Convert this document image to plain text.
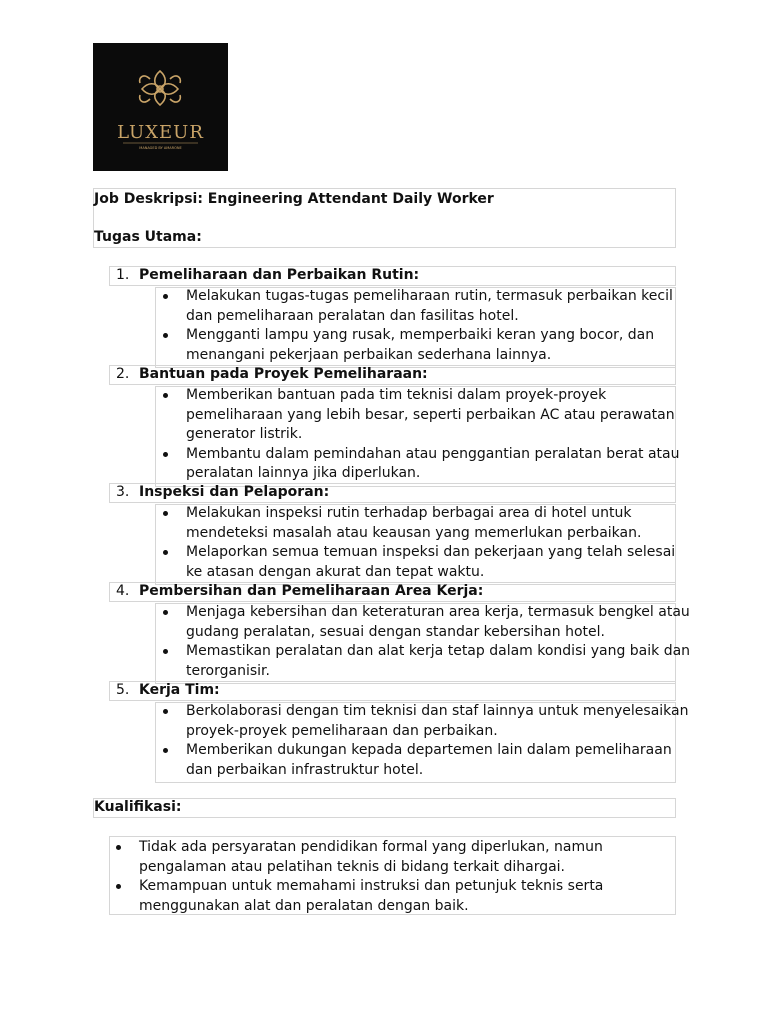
LUXEUR
MANAGED BY AMARONE
Job Deskripsi: Engineering Attendant Daily Worker
Tugas Utama:
1. Pemeliharaan dan Perbaikan Rutin:
Melakukan tugas-tugas pemeliharaan rutin, termasuk perbaikan kecil
dan pemeliharaan peralatan dan fasilitas hotel.
Mengganti lampu yang rusak, memperbaiki keran yang bocor, dan
menangani pekerjaan perbaikan sederhana lainnya.
2. Bantuan pada Proyek Pemeliharaan:
Memberikan bantuan pada tim teknisi dalam proyek-proyek
pemeliharaan yang lebih besar, seperti perbaikan AC atau perawatan
generator listrik.
Membantu dalam pemindahan atau penggantian peralatan berat atau
peralatan lainnya jika diperlukan.
3. Inspeksi dan Pelaporan:
Melakukan inspeksi rutin terhadap berbagai area di hotel untuk
mendeteksi masalah atau keausan yang memerlukan perbaikan.
Melaporkan semua temuan inspeksi dan pekerjaan yang telah selesai
ke atasan dengan akurat dan tepat waktu.
4. Pembersihan dan Pemeliharaan Area Kerja:
Menjaga kebersihan dan keteraturan area kerja, termasuk bengkel atau
gudang peralatan, sesuai dengan standar kebersihan hotel.
Memastikan peralatan dan alat kerja tetap dalam kondisi yang baik dan
terorganisir.
5. Kerja Tim:
Berkolaborasi dengan tim teknisi dan staf lainnya untuk menyelesaikan
proyek-proyek pemeliharaan dan perbaikan.
Memberikan dukungan kepada departemen lain dalam pemeliharaan
dan perbaikan infrastruktur hotel.
Kualifikasi:
Tidak ada persyaratan pendidikan formal yang diperlukan, namun
pengalaman atau pelatihan teknis di bidang terkait dihargai.
Kemampuan untuk memahami instruksi dan petunjuk teknis serta
menggunakan alat dan peralatan dengan baik.
